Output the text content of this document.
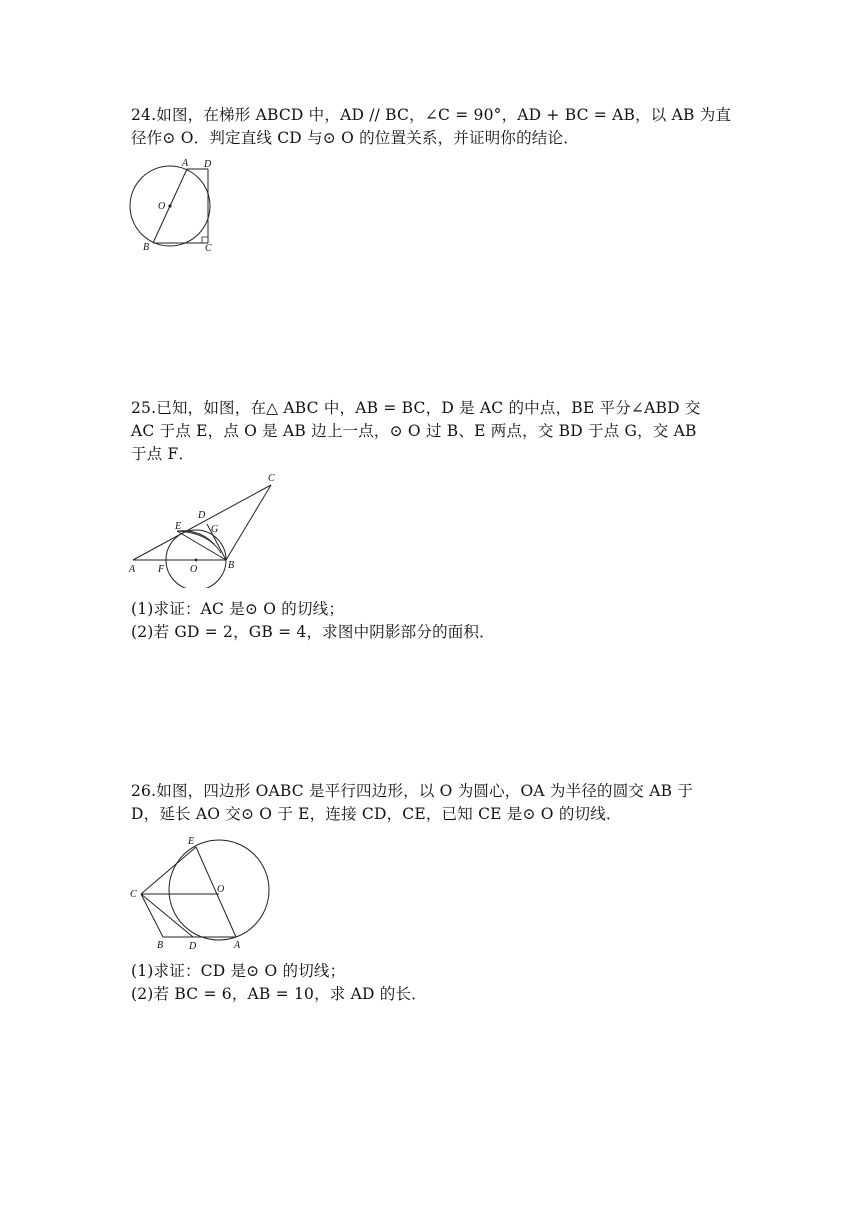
24.如图，在梯形 ABCD 中，AD // BC，∠C = 90°，AD + BC = AB，以 AB 为直
径作⊙ O．判定直线 CD 与⊙ O 的位置关系，并证明你的结论．
A D
O
B	C
25.已知，如图，在△ ABC 中，AB = BC，D 是 AC 的中点，BE 平分∠ABD 交
AC 于点 E，点 O 是 AB 边上一点，⊙ O 过 B、E 两点，交 BD 于点 G，交 AB
于点 F．
C
D
E	G
A F	O	B
(1)求证：AC 是⊙ O 的切线；
(2)若 GD = 2，GB = 4，求图中阴影部分的面积．
26.如图，四边形 OABC 是平行四边形，以 O 为圆心，OA 为半径的圆交 AB 于
D，延长 AO 交⊙ O 于 E，连接 CD，CE，已知 CE 是⊙ O 的切线．
E
O
C
B	D	A
(1)求证：CD 是⊙ O 的切线；
(2)若 BC = 6，AB = 10，求 AD 的长．
